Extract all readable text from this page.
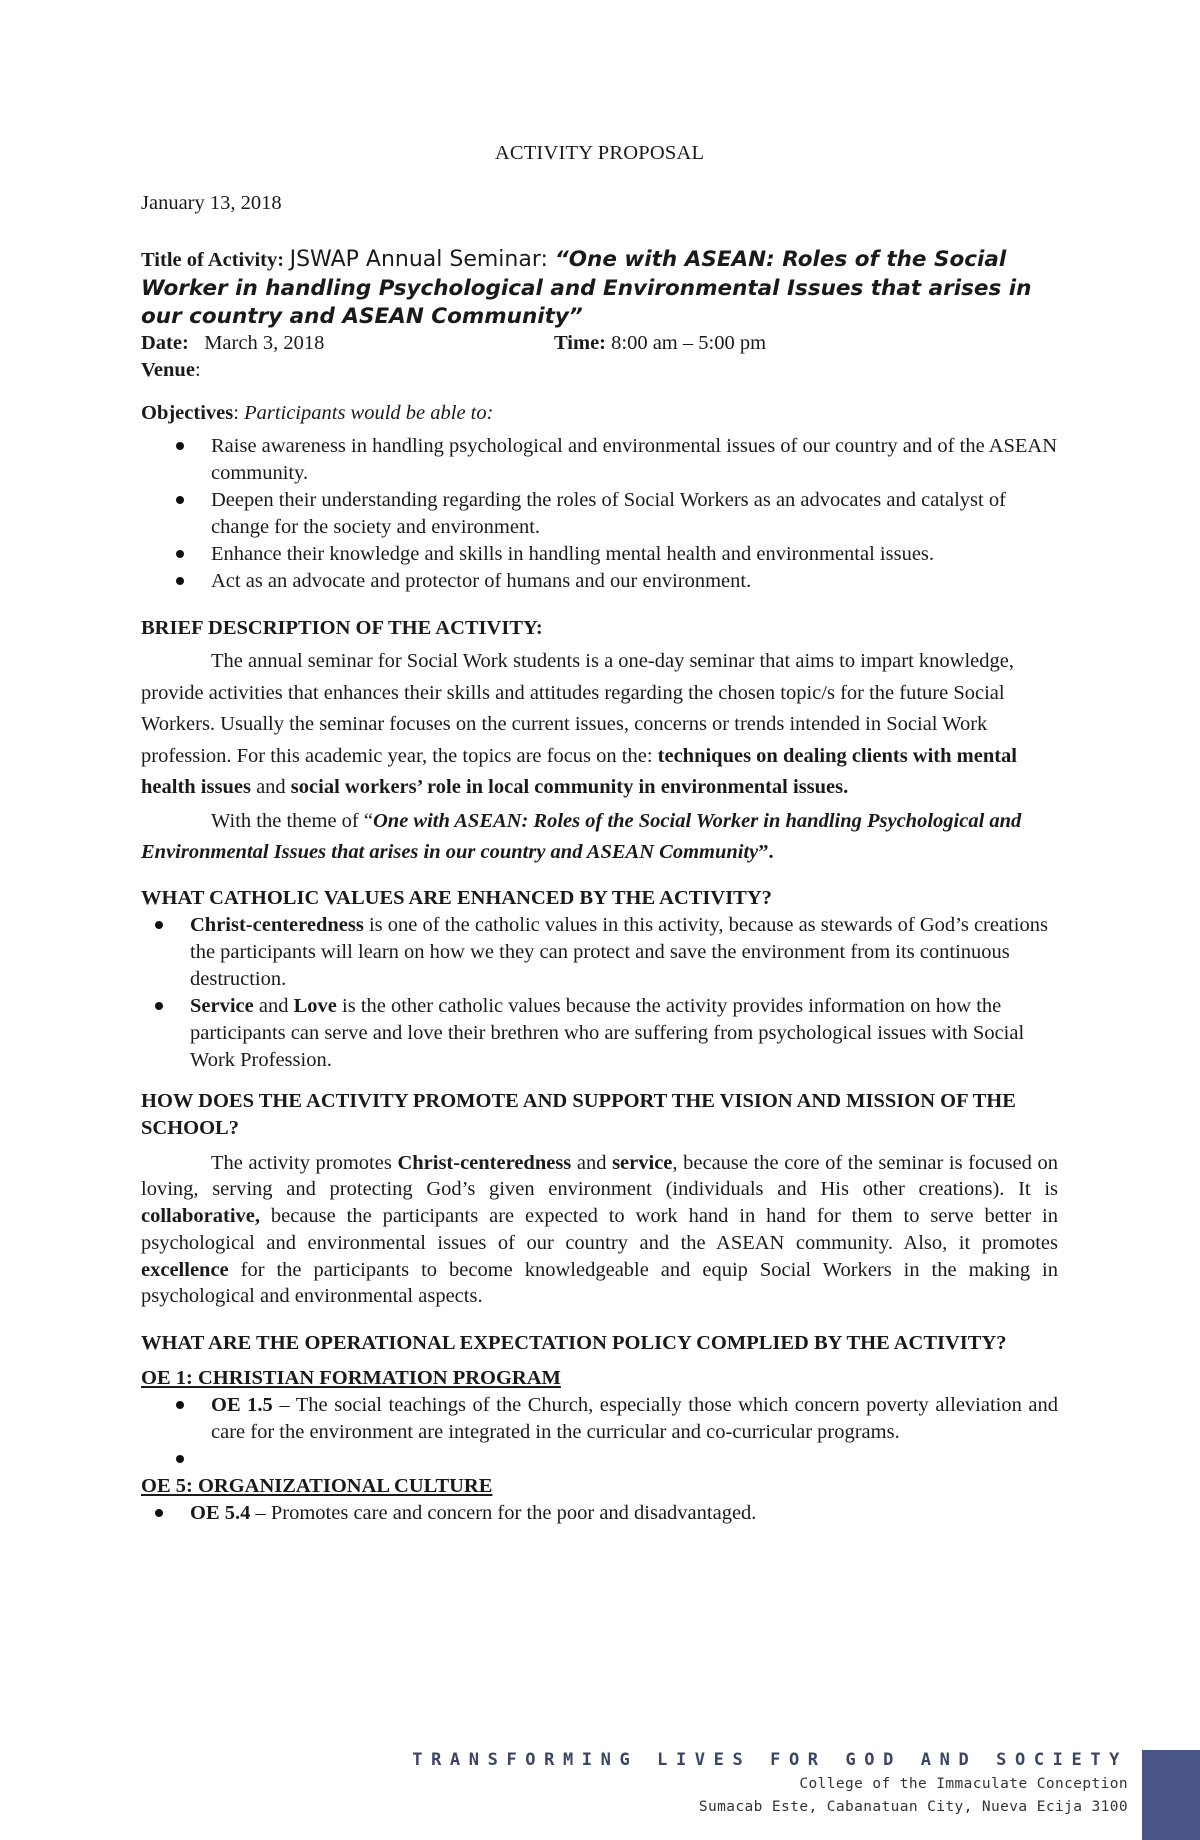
ACTIVITY PROPOSAL

January 13, 2018

Title of Activity: JSWAP Annual Seminar: “One with ASEAN: Roles of the Social Worker in handling Psychological and Environmental Issues that arises in our country and ASEAN Community”

Date: March 3, 2018	Time: 8:00 am – 5:00 pm
Venue :

Objectives: Participants would be able to:

Raise awareness in handling psychological and environmental issues of our country and of the ASEAN community.
Deepen their understanding regarding the roles of Social Workers as an advocates and catalyst of change for the society and environment.
Enhance their knowledge and skills in handling mental health and environmental issues.
Act as an advocate and protector of humans and our environment.

BRIEF DESCRIPTION OF THE ACTIVITY:

The annual seminar for Social Work students is a one-day seminar that aims to impart knowledge, provide activities that enhances their skills and attitudes regarding the chosen topic/s for the future Social Workers. Usually the seminar focuses on the current issues, concerns or trends intended in Social Work profession. For this academic year, the topics are focus on the: techniques on dealing clients with mental health issues and social workers’ role in local community in environmental issues.

With the theme of “One with ASEAN: Roles of the Social Worker in handling Psychological and Environmental Issues that arises in our country and ASEAN Community”.

WHAT CATHOLIC VALUES ARE ENHANCED BY THE ACTIVITY?

Christ-centeredness is one of the catholic values in this activity, because as stewards of God’s creations the participants will learn on how we they can protect and save the environment from its continuous destruction.
Service and Love is the other catholic values because the activity provides information on how the participants can serve and love their brethren who are suffering from psychological issues with Social Work Profession.

HOW DOES THE ACTIVITY PROMOTE AND SUPPORT THE VISION AND MISSION OF THE SCHOOL?

The activity promotes Christ-centeredness and service, because the core of the seminar is focused on loving, serving and protecting God’s given environment (individuals and His other creations). It is collaborative, because the participants are expected to work hand in hand for them to serve better in psychological and environmental issues of our country and the ASEAN community. Also, it promotes excellence for the participants to become knowledgeable and equip Social Workers in the making in psychological and environmental aspects.

WHAT ARE THE OPERATIONAL EXPECTATION POLICY COMPLIED BY THE ACTIVITY?

OE 1: CHRISTIAN FORMATION PROGRAM

OE 1.5 – The social teachings of the Church, especially those which concern poverty alleviation and care for the environment are integrated in the curricular and co-curricular programs.

OE 5: ORGANIZATIONAL CULTURE

OE 5.4 – Promotes care and concern for the poor and disadvantaged.
TRANSFORMING LIVES FOR GOD AND SOCIETY
College of the Immaculate Conception
Sumacab Este, Cabanatuan City, Nueva Ecija 3100
